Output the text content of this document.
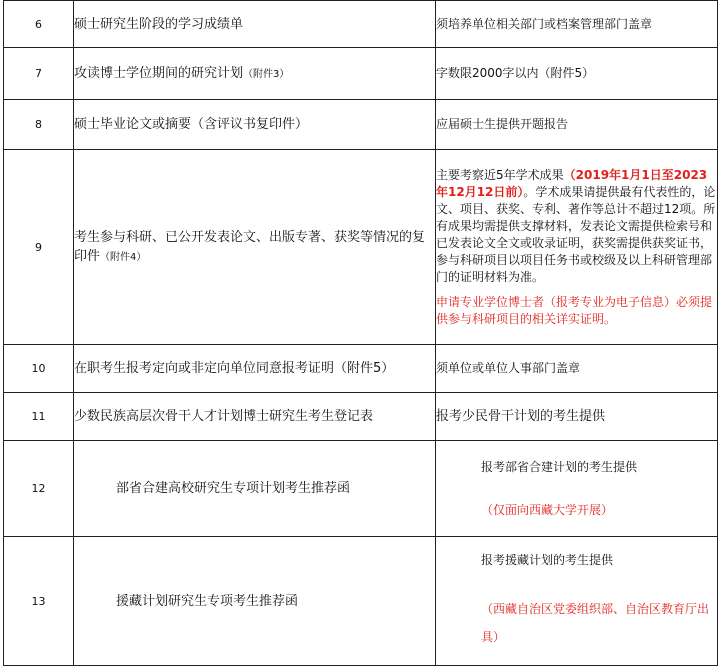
6	硕士研究生阶段的学习成绩单	须培养单位相关部门或档案管理部门盖章
7	攻读博士学位期间的研究计划（附件3）	字数限2000字以内（附件5）
8	硕士毕业论文或摘要（含评议书复印件）	应届硕士生提供开题报告
9	考生参与科研、已公开发表论文、出版专著、获奖等情况的复印件（附件4）	主要考察近5年学术成果（2019年1月1日至2023年12月12日前）。学术成果请提供最有代表性的，论文、项目、获奖、专利、著作等总计不超过12项。所有成果均需提供支撑材料，发表论文需提供检索号和已发表论文全文或收录证明，获奖需提供获奖证书，参与科研项目以项目任务书或校级及以上科研管理部门的证明材料为准。
申请专业学位博士者（报考专业为电子信息）必须提供参与科研项目的相关详实证明。

10	在职考生报考定向或非定向单位同意报考证明（附件5）	须单位或单位人事部门盖章
11	少数民族高层次骨干人才计划博士研究生考生登记表	报考少民骨干计划的考生提供
12	部省合建高校研究生专项计划考生推荐函	报考部省合建计划的考生提供
（仅面向西藏大学开展）

13	援藏计划研究生专项考生推荐函	报考援藏计划的考生提供
（西藏自治区党委组织部、自治区教育厅出具）
